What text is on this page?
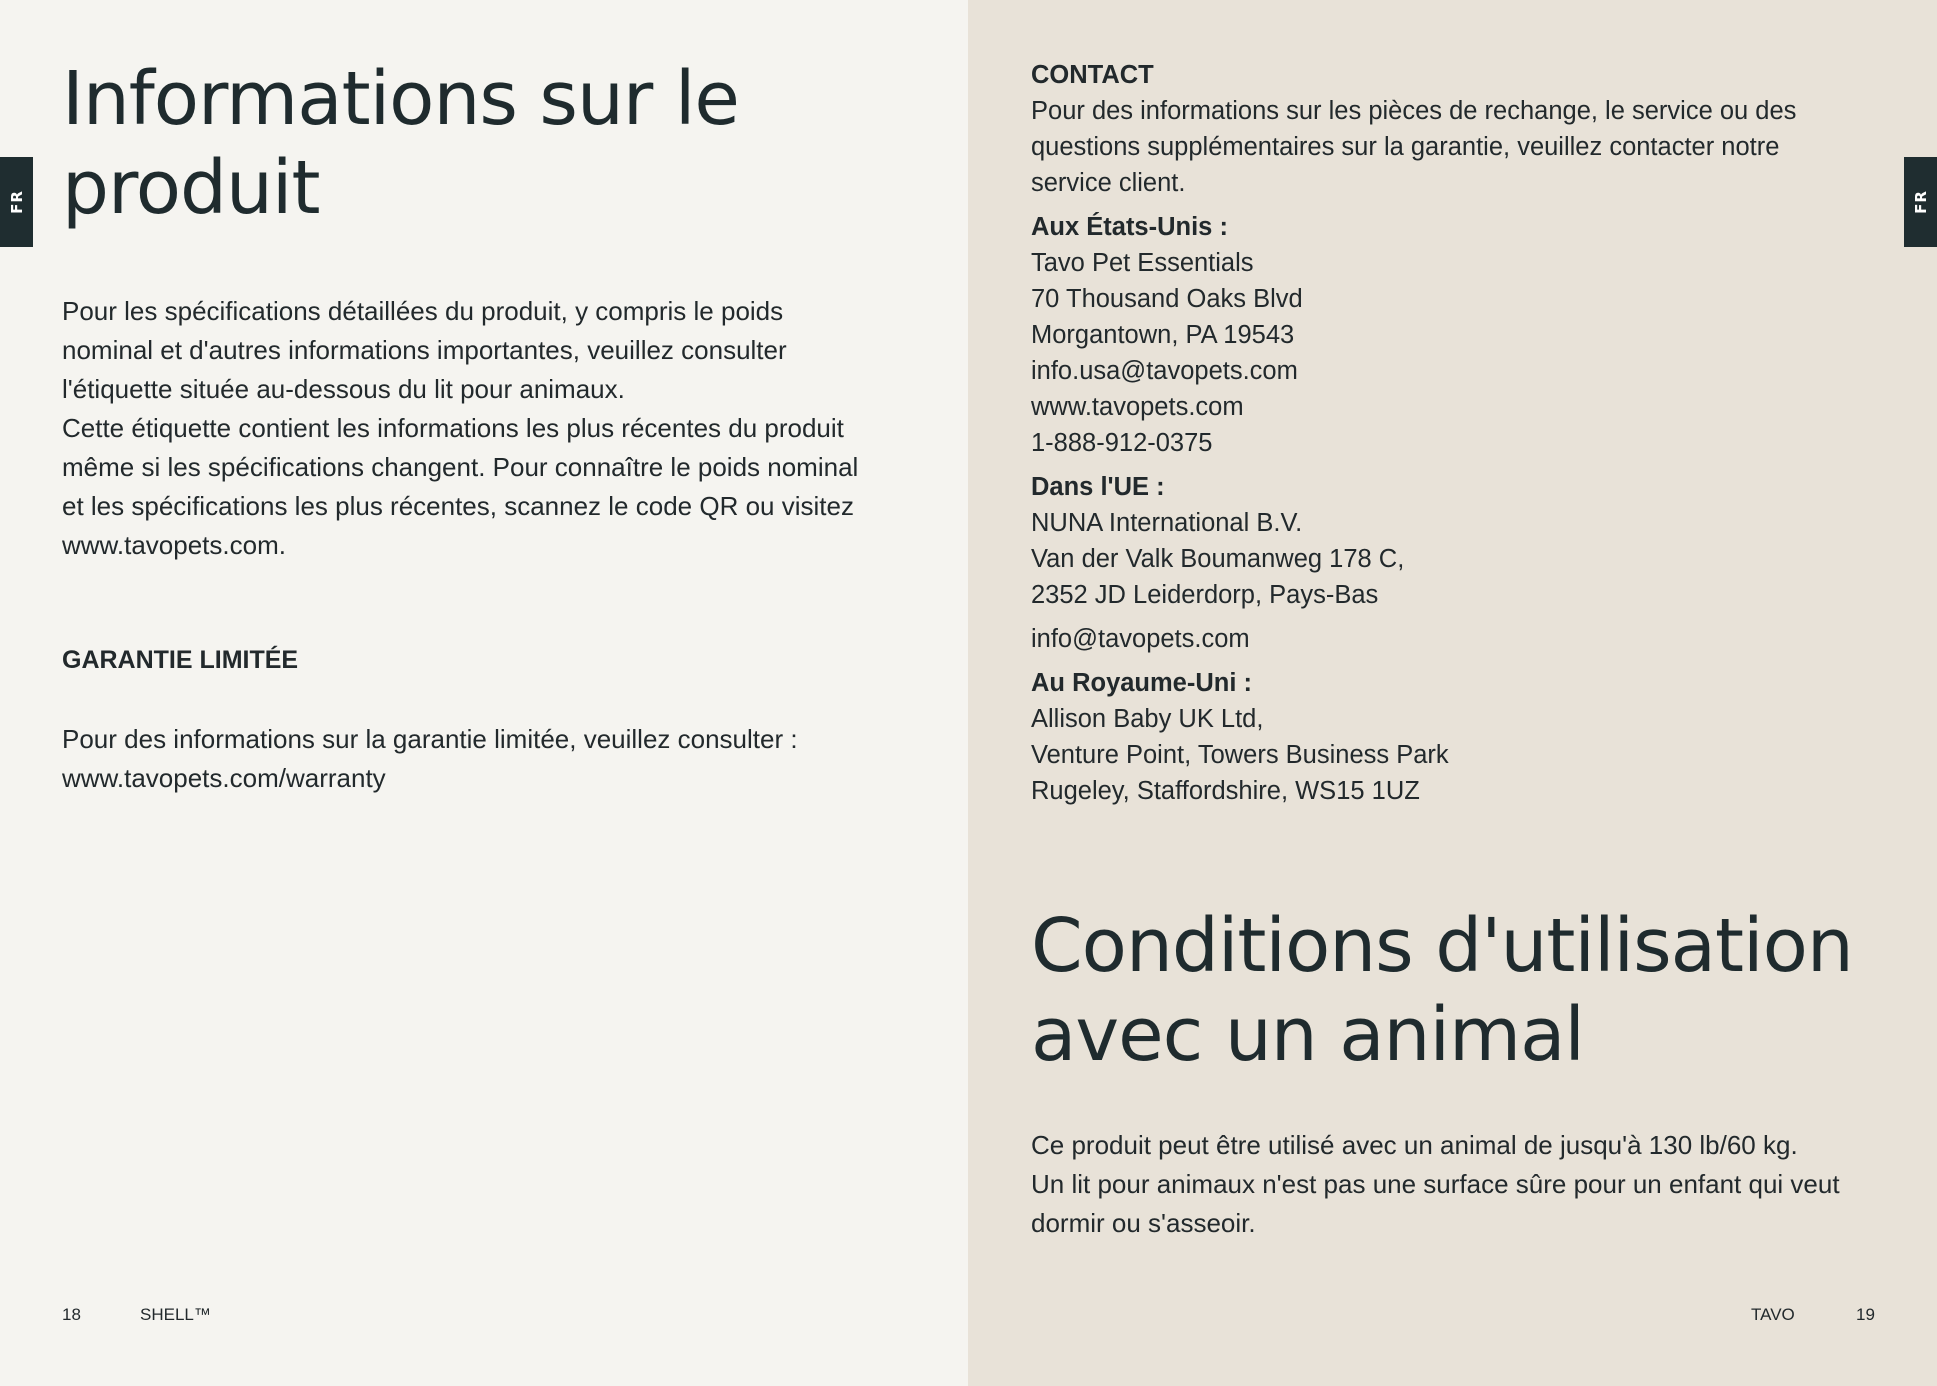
FR
Informations sur le
produit

Pour les spécifications détaillées du produit, y compris le poids
nominal et d'autres informations importantes, veuillez consulter
l'étiquette située au-dessous du lit pour animaux.
Cette étiquette contient les informations les plus récentes du produit
même si les spécifications changent. Pour connaître le poids nominal
et les spécifications les plus récentes, scannez le code QR ou visitez
www.tavopets.com.

GARANTIE LIMITÉE

Pour des informations sur la garantie limitée, veuillez consulter :
www.tavopets.com/warranty

18	SHELL™
FR

CONTACT
Pour des informations sur les pièces de rechange, le service ou des
questions supplémentaires sur la garantie, veuillez contacter notre
service client.

Aux États-Unis :
Tavo Pet Essentials
70 Thousand Oaks Blvd
Morgantown, PA 19543
info.usa@tavopets.com
www.tavopets.com
1-888-912-0375

Dans l'UE :
NUNA International B.V.
Van der Valk Boumanweg 178 C,
2352 JD Leiderdorp, Pays-Bas

info@tavopets.com

Au Royaume-Uni :
Allison Baby UK Ltd,
Venture Point, Towers Business Park
Rugeley, Staffordshire, WS15 1UZ

Conditions d'utilisation
avec un animal

Ce produit peut être utilisé avec un animal de jusqu'à 130 lb/60 kg.
Un lit pour animaux n'est pas une surface sûre pour un enfant qui veut
dormir ou s'asseoir.

TAVO	19
